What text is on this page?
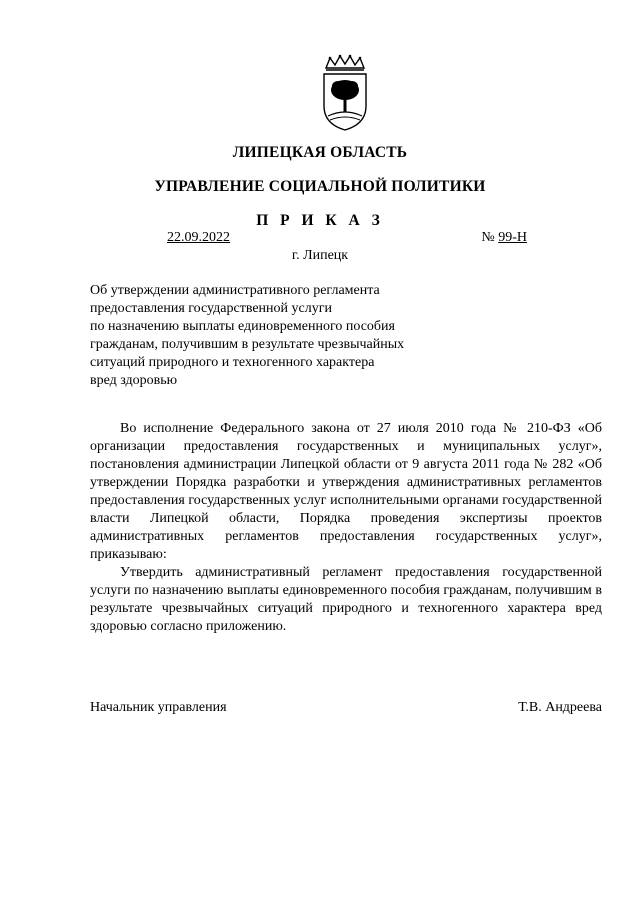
ЛИПЕЦКАЯ ОБЛАСТЬ
УПРАВЛЕНИЕ СОЦИАЛЬНОЙ ПОЛИТИКИ
П Р И К А З
22.09.2022	№ 99-Н
г. Липецк
Об утверждении административного регламента
предоставления государственной услуги
по назначению выплаты единовременного пособия
гражданам, получившим в результате чрезвычайных
ситуаций природного и техногенного характера
вред здоровью

Во исполнение Федерального закона от 27 июля 2010 года № 210-ФЗ «Об организации предоставления государственных и муниципальных услуг», постановления администрации Липецкой области от 9 августа 2011 года № 282 «Об утверждении Порядка разработки и утверждения административных регламентов предоставления государственных услуг исполнительными органами государственной власти Липецкой области, Порядка проведения экспертизы проектов административных регламентов предоставления государственных услуг», приказываю:

Утвердить административный регламент предоставления государственной услуги по назначению выплаты единовременного пособия гражданам, получившим в результате чрезвычайных ситуаций природного и техногенного характера вред здоровью согласно приложению.

Начальник управления	Т.В. Андреева
